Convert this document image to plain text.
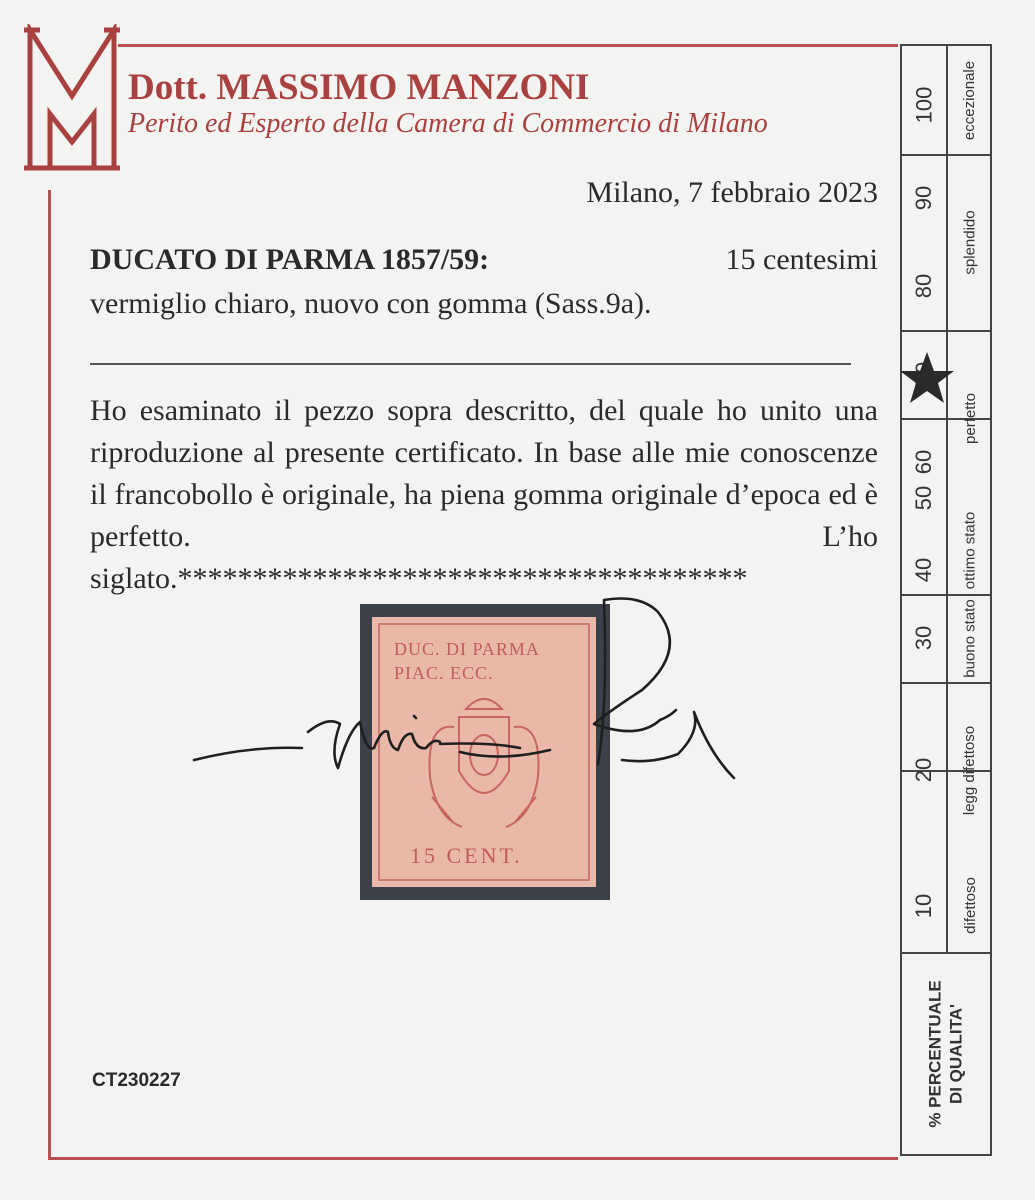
Dott. MASSIMO MANZONI
Perito ed Esperto della Camera di Commercio di Milano
Milano, 7 febbraio 2023
DUCATO DI PARMA 1857/59:	15 centesimi
vermiglio chiaro, nuovo con gomma (Sass.9a).

Ho esaminato il pezzo sopra descritto, del quale ho unito una riproduzione al presente certificato. In base alle mie conoscenze il francobollo è originale, ha piena gomma originale d’epoca ed è perfetto. L’ho siglato.**************************************

DUC. DI PARMA
PIAC. ECC.
15 CENT.
CT230227
100
90
80
60
50
40
30
20
10
eccezionale
splendido
perfetto
ottimo stato
buono stato
legg difettoso
difettoso
% PERCENTUALE DI QUALITA'
